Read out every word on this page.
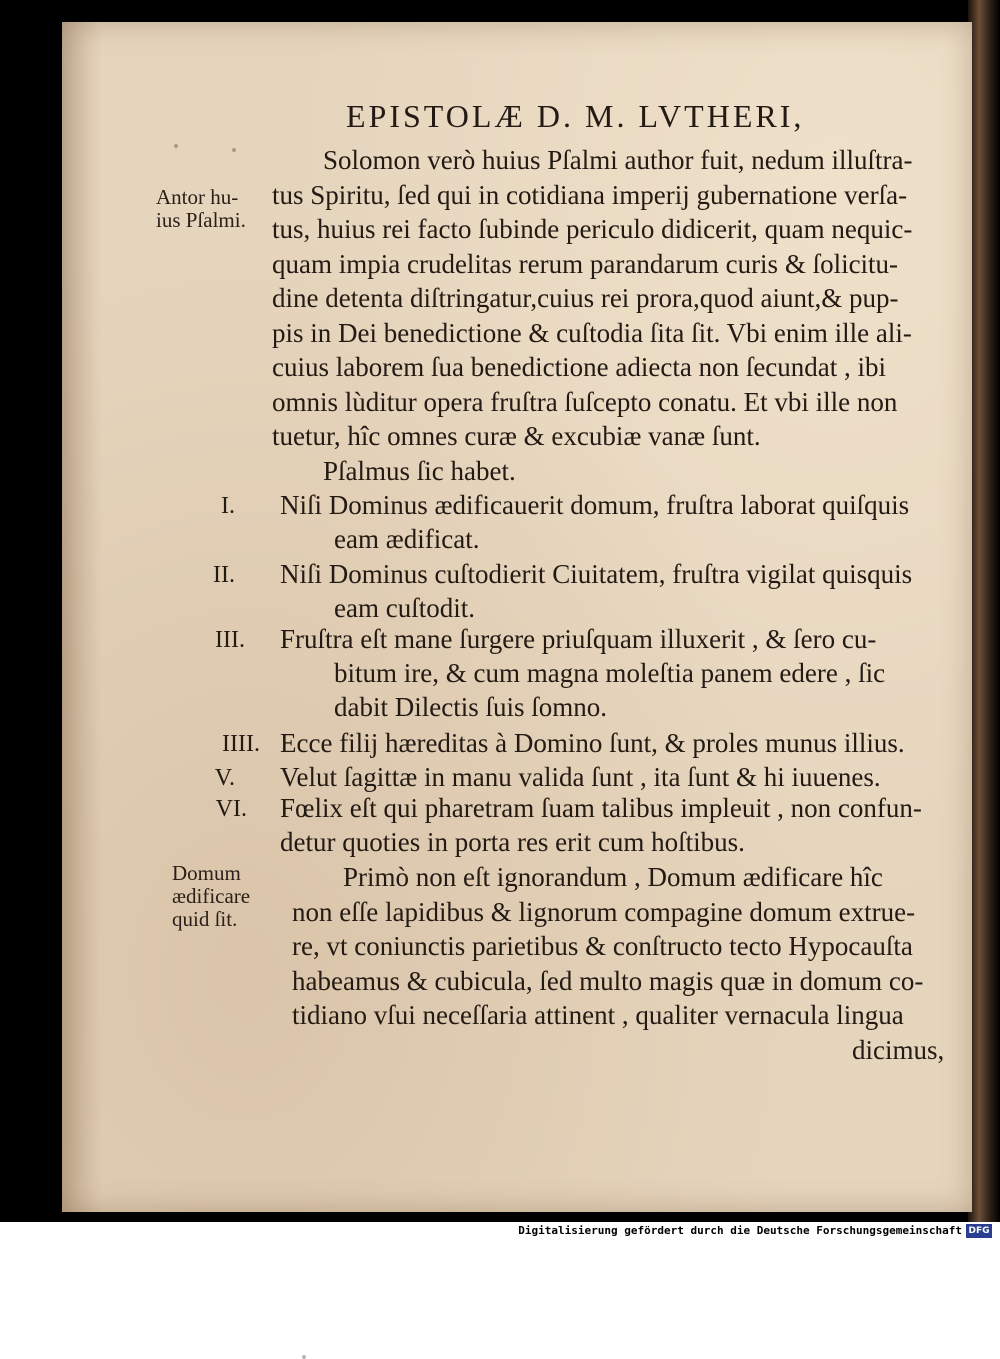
EPISTOLÆ D. M. LVTHERI,
Antor hu-
ius Pſalmi.
Domum
ædificare
quid ſit.
Solomon verò huius Pſalmi author fuit, nedum illuſtra-
tus Spiritu, ſed qui in cotidiana imperij gubernatione verſa-
tus, huius rei facto ſubinde periculo didicerit, quam nequic-
quam impia crudelitas rerum parandarum curis & ſolicitu-
dine detenta diſtringatur,cuius rei prora,quod aiunt,& pup-
pis in Dei benedictione & cuſtodia ſita ſit. Vbi enim ille ali-
cuius laborem ſua benedictione adiecta non ſecundat , ibi
omnis lùditur opera fruſtra ſuſcepto conatu. Et vbi ille non
tuetur, hîc omnes curæ & excubiæ vanæ ſunt.
Pſalmus ſic habet.
I. Niſi Dominus ædificauerit domum, fruſtra laborat quiſquis
eam ædificat.
II. Niſi Dominus cuſtodierit Ciuitatem, fruſtra vigilat quisquis
eam cuſtodit.
III. Fruſtra eſt mane ſurgere priuſquam illuxerit , & ſero cu-
bitum ire, & cum magna moleſtia panem edere , ſic
dabit Dilectis ſuis ſomno.
IIII. Ecce filij hæreditas à Domino ſunt, & proles munus illius.
V. Velut ſagittæ in manu valida ſunt , ita ſunt & hi iuuenes.
VI. Fœlix eſt qui pharetram ſuam talibus impleuit , non confun-
detur quoties in porta res erit cum hoſtibus.
Primò non eſt ignorandum , Domum ædificare hîc
non eſſe lapidibus & lignorum compagine domum extrue-
re, vt coniunctis parietibus & conſtructo tecto Hypocauſta
habeamus & cubicula, ſed multo magis quæ in domum co-
tidiano vſui neceſſaria attinent , qualiter vernacula lingua
dicimus,
Digitalisierung gefördert durch die Deutsche Forschungsgemeinschaft DFG
